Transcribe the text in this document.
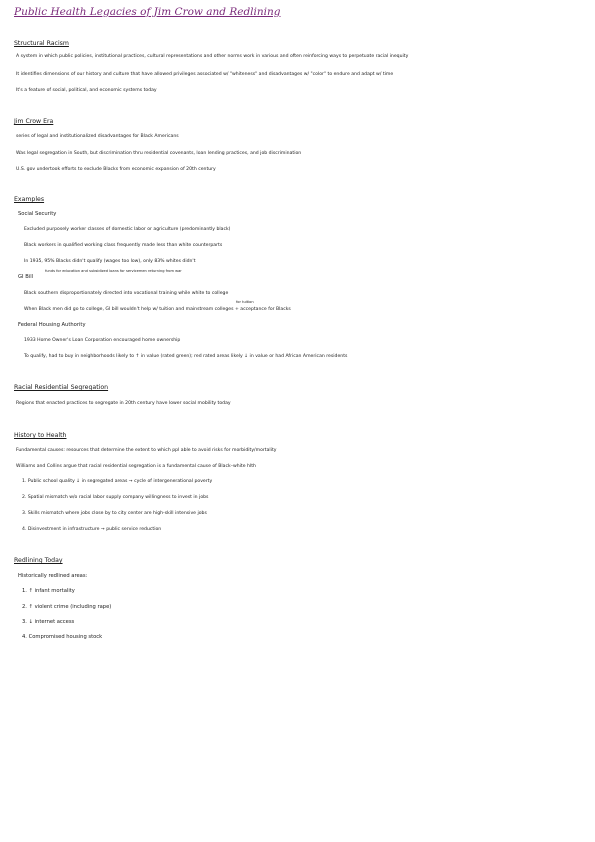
Public Health Legacies of Jim Crow and Redlining
Structural Racism
A system in which public policies, institutional practices, cultural representations and other norms work in various and often reinforcing ways to perpetuate racial inequity
It identifies dimensions of our history and culture that have allowed privileges associated w/ "whiteness" and disadvantages w/ "color" to endure and adapt w/ time
It's a feature of social, political, and economic systems today
Jim Crow Era
series of legal and institutionalized disadvantages for Black Americans
Was legal segregation in South, but discrimination thru residential covenants, loan lending practices, and job discrimination
U.S. gov undertook efforts to exclude Blacks from economic expansion of 20th century
Examples
Social Security
Excluded purposely worker classes of domestic labor or agriculture (predominantly black)
Black workers in qualified working class frequently made less than white counterparts
In 1935, 95% Blacks didn't qualify (wages too low), only 83% whites didn't
GI Bill
funds for education and subsidized loans for servicemen returning from war
Black southern disproportionately directed into vocational training while white to college
for tuition
When Black men did go to college, GI bill wouldn't help w/ tuition and mainstream colleges + acceptance for Blacks
Federal Housing Authority
1933 Home Owner's Loan Corporation encouraged home ownership
To qualify, had to buy in neighborhoods likely to ↑ in value (rated green); red rated areas likely ↓ in value or had African American residents
Racial Residential Segregation
Regions that enacted practices to segregate in 20th century have lower social mobility today
History to Health
Fundamental causes: resources that determine the extent to which ppl able to avoid risks for morbidity/mortality
Williams and Collins argue that racial residential segregation is a fundamental cause of Black–white hlth
1. Public school quality ↓ in segregated areas → cycle of intergenerational poverty
2. Spatial mismatch w/o racial labor supply company willingness to invest in jobs
3. Skills mismatch where jobs close by to city center are high-skill intensive jobs
4. Disinvestment in infrastructure → public service reduction
Redlining Today
Historically redlined areas:
1. ↑ infant mortality
2. ↑ violent crime (including rape)
3. ↓ internet access
4. Compromised housing stock
